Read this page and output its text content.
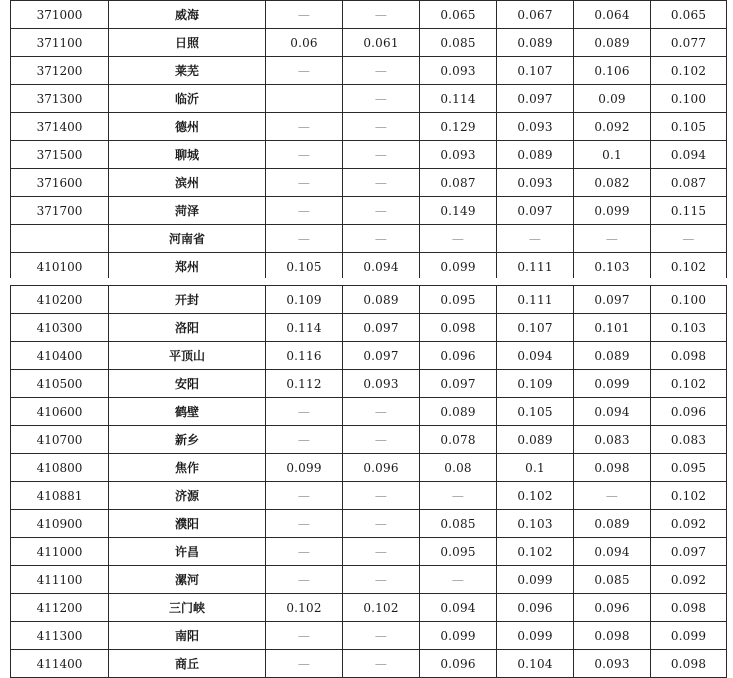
371000	威海	—	—	0.065	0.067	0.064	0.065
371100	日照	0.06	0.061	0.085	0.089	0.089	0.077
371200	莱芜	—	—	0.093	0.107	0.106	0.102
371300	临沂		—	0.114	0.097	0.09	0.100
371400	德州	—	—	0.129	0.093	0.092	0.105
371500	聊城	—	—	0.093	0.089	0.1	0.094
371600	滨州	—	—	0.087	0.093	0.082	0.087
371700	菏泽	—	—	0.149	0.097	0.099	0.115
	河南省	—	—	—	—	—	—
410100	郑州	0.105	0.094	0.099	0.111	0.103	0.102
410200	开封	0.109	0.089	0.095	0.111	0.097	0.100
410300	洛阳	0.114	0.097	0.098	0.107	0.101	0.103
410400	平顶山	0.116	0.097	0.096	0.094	0.089	0.098
410500	安阳	0.112	0.093	0.097	0.109	0.099	0.102
410600	鹤壁	—	—	0.089	0.105	0.094	0.096
410700	新乡	—	—	0.078	0.089	0.083	0.083
410800	焦作	0.099	0.096	0.08	0.1	0.098	0.095
410881	济源	—	—	—	0.102	—	0.102
410900	濮阳	—	—	0.085	0.103	0.089	0.092
411000	许昌	—	—	0.095	0.102	0.094	0.097
411100	漯河	—	—	—	0.099	0.085	0.092
411200	三门峡	0.102	0.102	0.094	0.096	0.096	0.098
411300	南阳	—	—	0.099	0.099	0.098	0.099
411400	商丘	—	—	0.096	0.104	0.093	0.098
